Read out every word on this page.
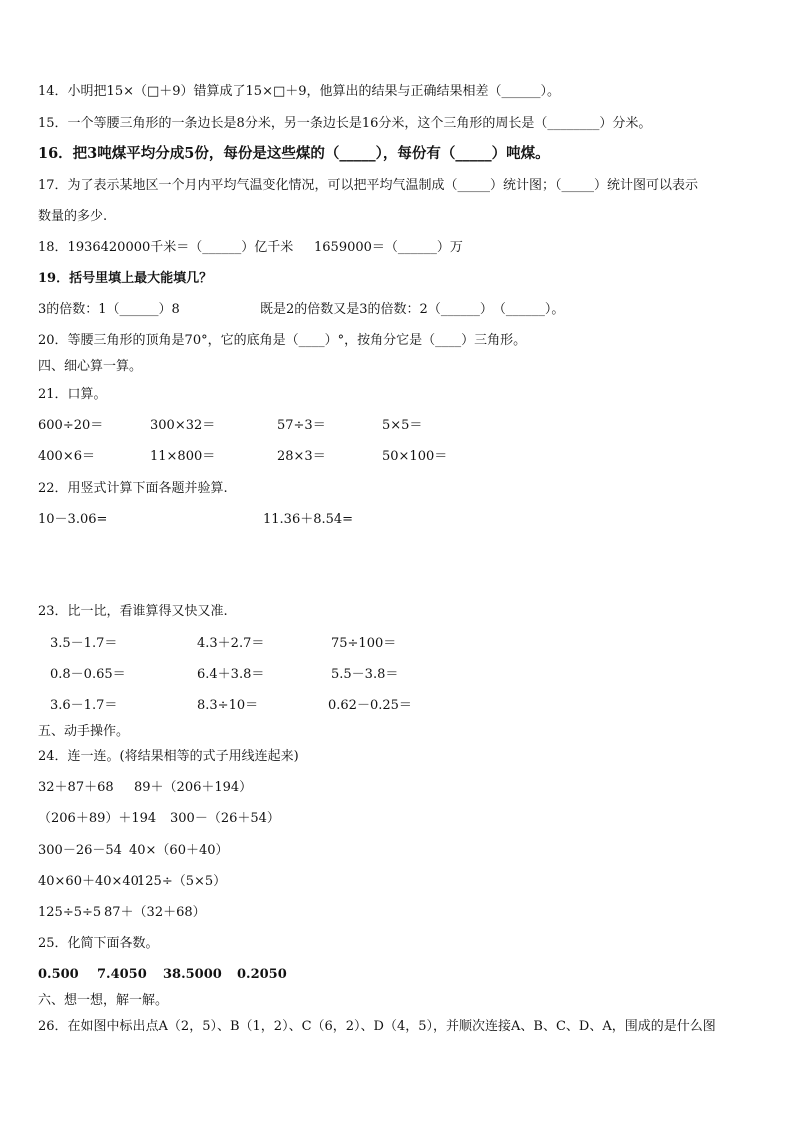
14．小明把15×（□＋9）错算成了15×□＋9，他算出的结果与正确结果相差（______）。
15．一个等腰三角形的一条边长是8分米，另一条边长是16分米，这个三角形的周长是（________）分米。
16．把3吨煤平均分成5份，每份是这些煤的（_____），每份有（_____）吨煤。
17．为了表示某地区一个月内平均气温变化情况，可以把平均气温制成（_____）统计图；（_____）统计图可以表示
数量的多少.
18．1936420000千米＝（______）亿千米 1659000＝（______）万
19．括号里填上最大能填几？
3的倍数：1（______）8	既是2的倍数又是3的倍数：2（______）　（______）。
20．等腰三角形的顶角是70°，它的底角是（____）°，按角分它是（____）三角形。
四、细心算一算。
21．口算。
600÷20＝	300×32＝	57÷3＝	5×5＝
400×6＝	11×800＝	28×3＝	50×100＝
22．用竖式计算下面各题并验算.
10－3.06=	11.36＋8.54=
23．比一比，看谁算得又快又准.
3.5－1.7＝	4.3＋2.7＝	75÷100＝
0.8－0.65＝	6.4＋3.8＝	5.5－3.8＝
3.6－1.7＝	8.3÷10＝	0.62－0.25＝
五、动手操作。
24．连一连。(将结果相等的式子用线连起来)
32＋87＋68 89＋（206＋194）
（206＋89）＋194 300－（26＋54）
300－26－54 40×（60＋40）
40×60＋40×40
125÷（5×5）
125÷5÷5 87＋（32＋68）
25．化简下面各数。
0.500 7.4050 38.5000 0.2050
六、想一想，解一解。
26．在如图中标出点A（2，5）、B（1，2）、C（6，2）、D（4，5），并顺次连接A、B、C、D、A，围成的是什么图
